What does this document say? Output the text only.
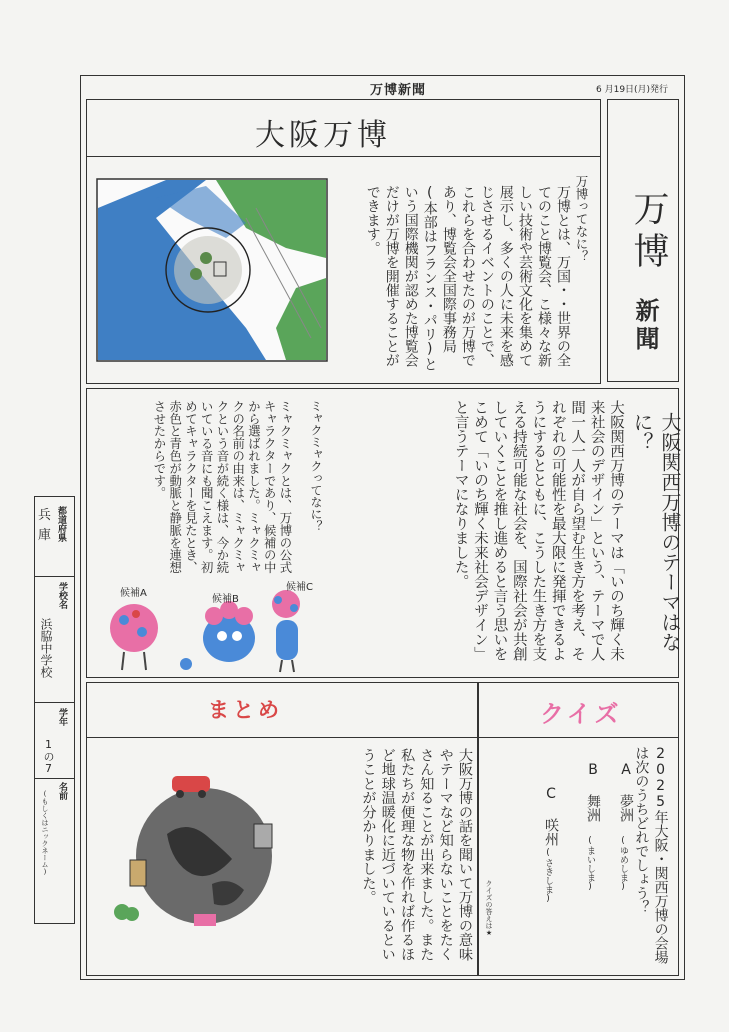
万博新聞	6 月19日(月)発行
大阪万博
万博ってなに？
万博とは、万国・・世界の全てのこと博覧会、こ様々な新しい技術や芸術文化を集めて展示し、多くの人に未来を感じさせるイベントのことで、これらを合わせたのが万博であり、博覧会全国際事務局(本部はフランス・パリ)という国際機関が認めた博覧会だけが万博を開催することができます。	万博
新聞
大阪関西万博のテーマはなに？
大阪関西万博のテーマは「いのち輝く未来社会のデザイン」という、テーマで人間一人一人が自ら望む生き方を考え、それぞれの可能性を最大限に発揮できるようにするとともに、こうした生き方を支える持続可能な社会を、国際社会が共創していくことを推し進めると言う思いをこめて「いのち輝く未来社会デザイン」と言うテーマになりました。
ミャクミャクってなに？
ミャクミャクとは、万博の公式キャラクターであり、候補の中から選ばれました。ミャクミャクの名前の由来は、ミャクミャクという音が続く様は、今か続いている音にも聞こえます。初めてキャラクターを見たとき、赤色と青色が動脈と静脈を連想させたからです。
候補A
候補B
候補C
兵
庫 都道府県
学校名
浜脇中学校
学年
1の7
名前
(もしくはニックネーム)
まとめ
大阪万博の話を聞いて万博の意味やテーマなど知らないことをたくさん知ることが出来ました。また私たちが便理な物を作れば作るほど地球温暖化に近づいているということが分かりました。
クイズ
2025年大阪・関西万博の会場は次のうちどれでしょう？
A 夢洲
(ゆめしま)
B 舞洲
(まいしま)
C 咲州
(さきしま)
クイズの答えは★
